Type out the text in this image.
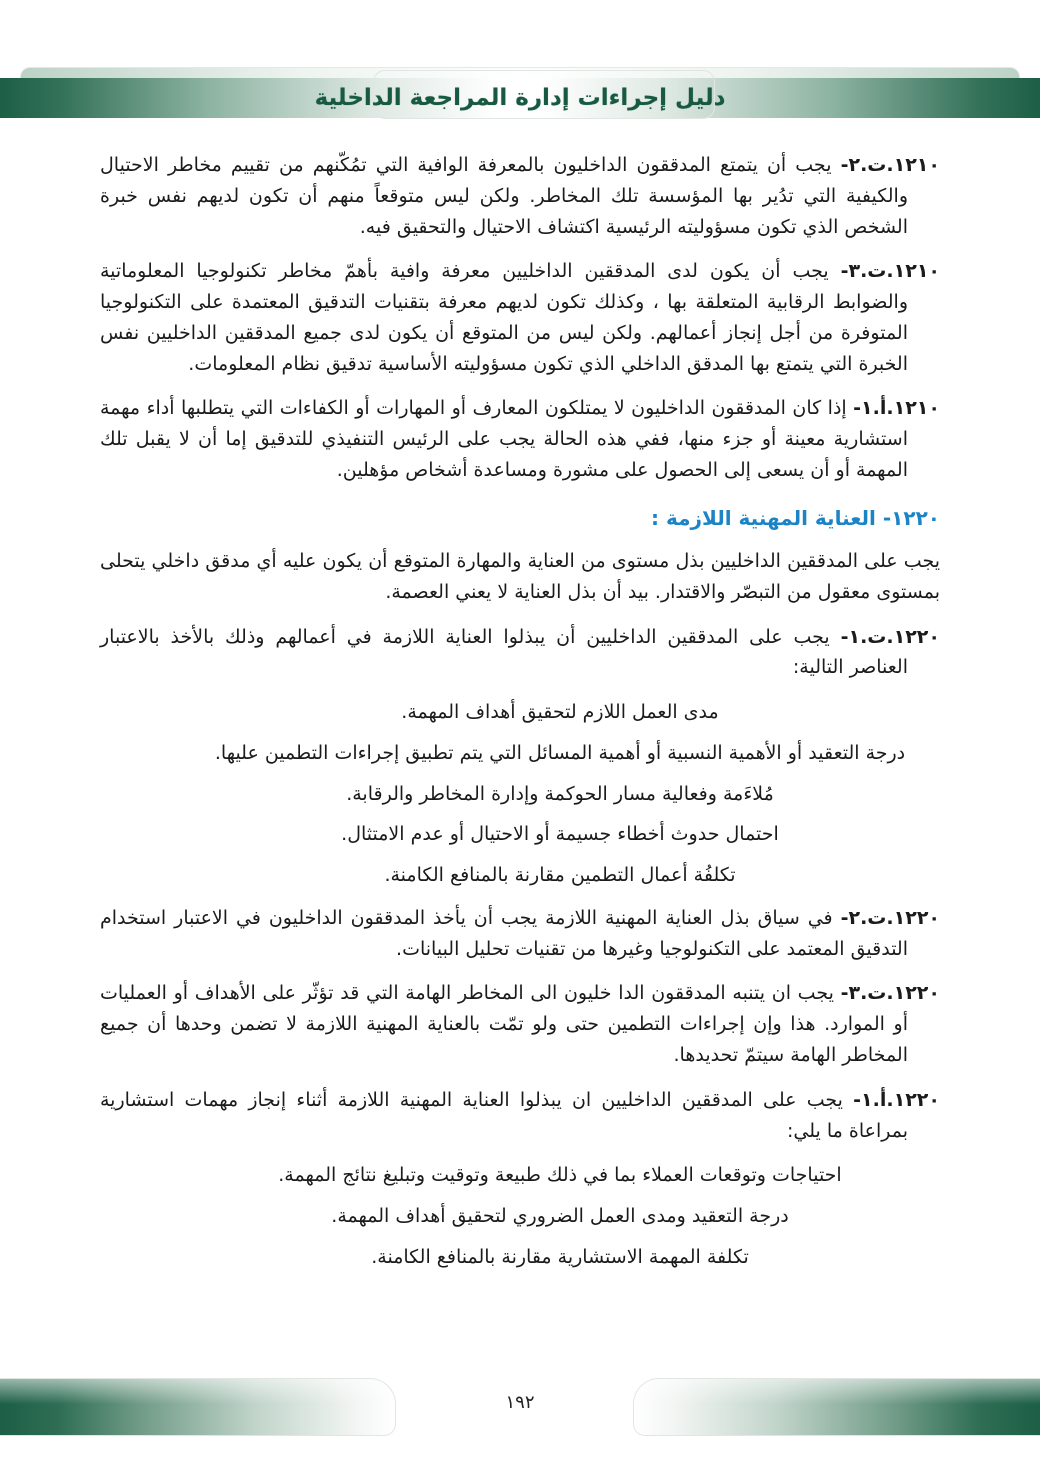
دليل إجراءات إدارة المراجعة الداخلية

١٢١٠.ت.٢- يجب أن يتمتع المدققون الداخليون بالمعرفة الوافية التي تمُكّنهم من تقييم مخاطر الاحتيال والكيفية التي تدُير بها المؤسسة تلك المخاطر. ولكن ليس متوقعاً منهم أن تكون لديهم نفس خبرة الشخص الذي تكون مسؤوليته الرئيسية اكتشاف الاحتيال والتحقيق فيه.

١٢١٠.ت.٣- يجب أن يكون لدى المدققين الداخليين معرفة وافية بأهمّ مخاطر تكنولوجيا المعلوماتية والضوابط الرقابية المتعلقة بها ، وكذلك تكون لديهم معرفة بتقنيات التدقيق المعتمدة على التكنولوجيا المتوفرة من أجل إنجاز أعمالهم. ولكن ليس من المتوقع أن يكون لدى جميع المدققين الداخليين نفس الخبرة التي يتمتع بها المدقق الداخلي الذي تكون مسؤوليته الأساسية تدقيق نظام المعلومات.

١٢١٠.أ.١- إذا كان المدققون الداخليون لا يمتلكون المعارف أو المهارات أو الكفاءات التي يتطلبها أداء مهمة استشارية معينة أو جزء منها، ففي هذه الحالة يجب على الرئيس التنفيذي للتدقيق إما أن لا يقبل تلك المهمة أو أن يسعى إلى الحصول على مشورة ومساعدة أشخاص مؤهلين.

١٢٢٠- العناية المهنية اللازمة :

يجب على المدققين الداخليين بذل مستوى من العناية والمهارة المتوقع أن يكون عليه أي مدقق داخلي يتحلى بمستوى معقول من التبصّر والاقتدار. بيد أن بذل العناية لا يعني العصمة.

١٢٢٠.ت.١- يجب على المدققين الداخليين أن يبذلوا العناية اللازمة في أعمالهم وذلك بالأخذ بالاعتبار العناصر التالية:

مدى العمل اللازم لتحقيق أهداف المهمة.

درجة التعقيد أو الأهمية النسبية أو أهمية المسائل التي يتم تطبيق إجراءات التطمين عليها.

مُلاءَمة وفعالية مسار الحوكمة وإدارة المخاطر والرقابة.

احتمال حدوث أخطاء جسيمة أو الاحتيال أو عدم الامتثال.

تكلفُة أعمال التطمين مقارنة بالمنافع الكامنة.

١٢٢٠.ت.٢- في سياق بذل العناية المهنية اللازمة يجب أن يأخذ المدققون الداخليون في الاعتبار استخدام التدقيق المعتمد على التكنولوجيا وغيرها من تقنيات تحليل البيانات.

١٢٢٠.ت.٣- يجب ان يتنبه المدققون الدا خليون الى المخاطر الهامة التي قد تؤثّر على الأهداف أو العمليات أو الموارد. هذا وإن إجراءات التطمين حتى ولو تمّت بالعناية المهنية اللازمة لا تضمن وحدها أن جميع المخاطر الهامة سيتمّ تحديدها.

١٢٢٠.أ.١- يجب على المدققين الداخليين ان يبذلوا العناية المهنية اللازمة أثناء إنجاز مهمات استشارية بمراعاة ما يلي:

احتياجات وتوقعات العملاء بما في ذلك طبيعة وتوقيت وتبليغ نتائج المهمة.

درجة التعقيد ومدى العمل الضروري لتحقيق أهداف المهمة.

تكلفة المهمة الاستشارية مقارنة بالمنافع الكامنة.

١٩٢
